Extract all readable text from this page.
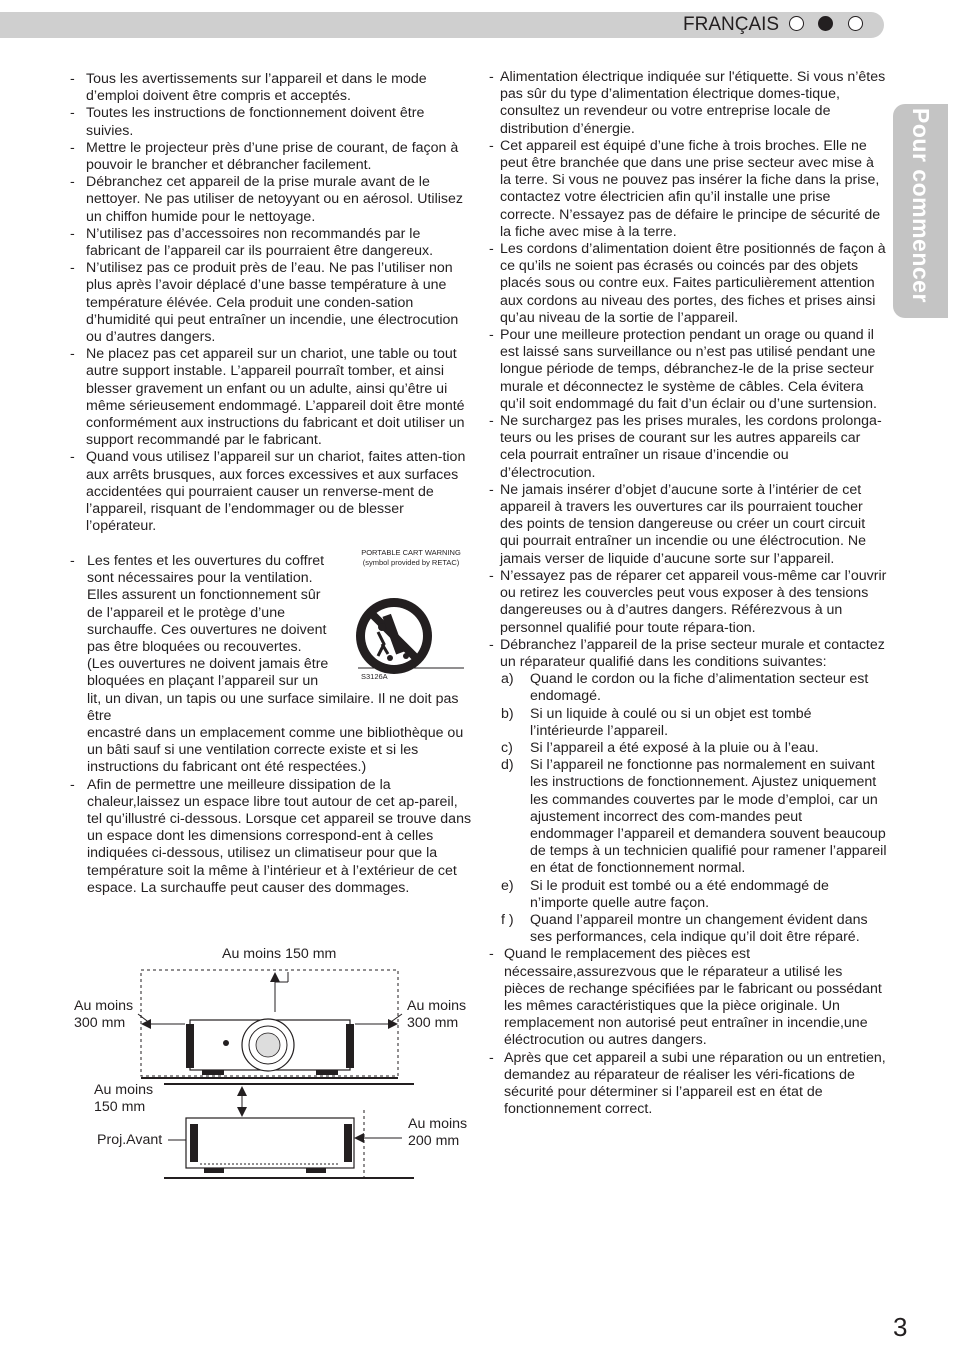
FRANÇAIS
Pour commencer
- Tous les avertissements sur l’appareil et dans le mode d’emploi doivent être compris et acceptés.

- Toutes les instructions de fonctionnement doivent être suivies.

- Mettre le projecteur près d’une prise de courant, de façon à pouvoir le brancher et débrancher facilement.

- Débranchez cet appareil de la prise murale avant de le nettoyer. Ne pas utiliser de netoyyant ou en aérosol. Utilisez un chiffon humide pour le nettoyage.

- N’utilisez pas d’accessoires non recommandés par le fabricant de l’appareil car ils pourraient être dangereux.

- N’utilisez pas ce produit près de l’eau. Ne pas l’utiliser non plus après l’avoir déplacé d’une basse température à une température élévée. Cela produit une conden-sation d’humidité qui peut entraîner un incendie, une électrocution ou d’autres dangers.

- Ne placez pas cet appareil sur un chariot, une table ou tout autre support instable. L’appareil pourraît tomber, et ainsi blesser gravement un enfant ou un adulte, ainsi qu’être ui même sérieusement endommagé. L’appareil doit être monté conformément aux instructions du fabricant et doit utiliser un support recommandé par le fabricant.

- Quand vous utilisez l’appareil sur un chariot, faites atten-tion aux arrêts brusques, aux forces excessives et aux surfaces accidentées qui pourraient causer un renverse-ment de l’appareil, risquant de l’endommager ou de blesser l’opérateur.

- Les fentes et les ouvertures du coffret

sont nécessaires pour la ventilation.

Elles assurent un fonctionnement sûr

de l’appareil et le protège d’une

surchauffe. Ces ouvertures ne doivent

pas être bloquées ou recouvertes.

(Les ouvertures ne doivent jamais être

bloquées en plaçant l’appareil sur un

lit, un divan, un tapis ou une surface similaire. Il ne doit pas être

encastré dans un emplacement comme une bibliothèque ou un bâti sauf si une ventilation correcte existe et si les instructions du fabricant ont été respectées.)

- Afin de permettre une meilleure dissipation de la chaleur,laissez un espace libre tout autour de cet ap-pareil, tel qu’illustré ci-dessous. Lorsque cet appareil se trouve dans un espace dont les dimensions correspond-ent à celles indiquées ci-dessous, utilisez un climatiseur pour que la température soit la même à l’intérieur et à l’extérieur de cet espace. La surchauffe peut causer des dommages.

PORTABLE CART WARNING
(symbol provided by RETAC)
S3126A
Au moins 150 mm
Au moins
300 mm
Au moins
300 mm
Au moins
150 mm
Proj.Avant
Au moins
200 mm
- Alimentation électrique indiquée sur l'étiquette. Si vous n’êtes pas sûr du type d’alimentation électrique domes-tique, consultez un revendeur ou votre entreprise locale de distribution d’énergie.

- Cet appareil est équipé d’une fiche à trois broches. Elle ne peut être branchée que dans une prise secteur avec mise à la terre. Si vous ne pouvez pas insérer la fiche dans la prise, contactez votre électricien afin qu’il installe une prise correcte. N’essayez pas de défaire le principe de sécurité de la fiche avec mise à la terre.

- Les cordons d’alimentation doient être positionnés de façon à ce qu’ils ne soient pas écrasés ou coincés par des objets placés sous ou contre eux. Faites particulièrement attention aux cordons au niveau des portes, des fiches et prises ainsi qu’au niveau de la sortie de l’appareil.

- Pour une meilleure protection pendant un orage ou quand il est laissé sans surveillance ou n’est pas utilisé pendant une longue période de temps, débranchez-le de la prise secteur murale et déconnectez le système de câbles. Cela évitera qu’il soit endommagé du fait d’un éclair ou d’une surtension.

- Ne surchargez pas les prises murales, les cordons prolonga-teurs ou les prises de courant sur les autres appareils car cela pourrait entraîner un risaue d’incendie ou d’électrocution.

- Ne jamais insérer d’objet d’aucune sorte à l’intérier de cet appareil à travers les ouvertures car ils pourraient toucher des points de tension dangereuse ou créer un court circuit qui pourrait entraîner un incendie ou une éléctrocution. Ne jamais verser de liquide d’aucune sorte sur l’appareil.

- N’essayez pas de réparer cet appareil vous-même car l’ouvrir ou retirez les couvercles peut vous exposer à des tensions dangereuses ou à d’autres dangers. Référezvous à un personnel qualifié pour toute répara-tion.

- Débranchez l’appareil de la prise secteur murale et contactez un réparateur qualifié dans les conditions suivantes:

a) Quand le cordon ou la fiche d’alimentation secteur est endomagé.

b) Si un liquide à coulé ou si un objet est tombé l’intérieurde l’appareil.

c) Si l’appareil a été exposé à la pluie ou à l’eau.

d) Si l’appareil ne fonctionne pas normalement en suivant les instructions de fonctionnement. Ajustez uniquement les commandes couvertes par le mode d’emploi, car un ajustement incorrect des com-mandes peut endommager l’appareil et demandera souvent beaucoup de temps à un technicien qualifié pour ramener l’appareil en état de fonctionnement normal.

e) Si le produit est tombé ou a été endommagé de n’importe quelle autre façon.

f ) Quand l’appareil montre un changement évident dans ses performances, cela indique qu’il doit être réparé.

- Quand le remplacement des pièces est nécessaire,assurezvous que le réparateur a utilisé les pièces de rechange spécifiées par le fabricant ou possédant les mêmes caractéristiques que la pièce originale. Un remplacement non autorisé peut entraîner in incendie,une éléctrocution ou autres dangers.

- Après que cet appareil a subi une réparation ou un entretien, demandez au réparateur de réaliser les véri-fications de sécurité pour déterminer si l’appareil est en état de fonctionnement correct.

3
